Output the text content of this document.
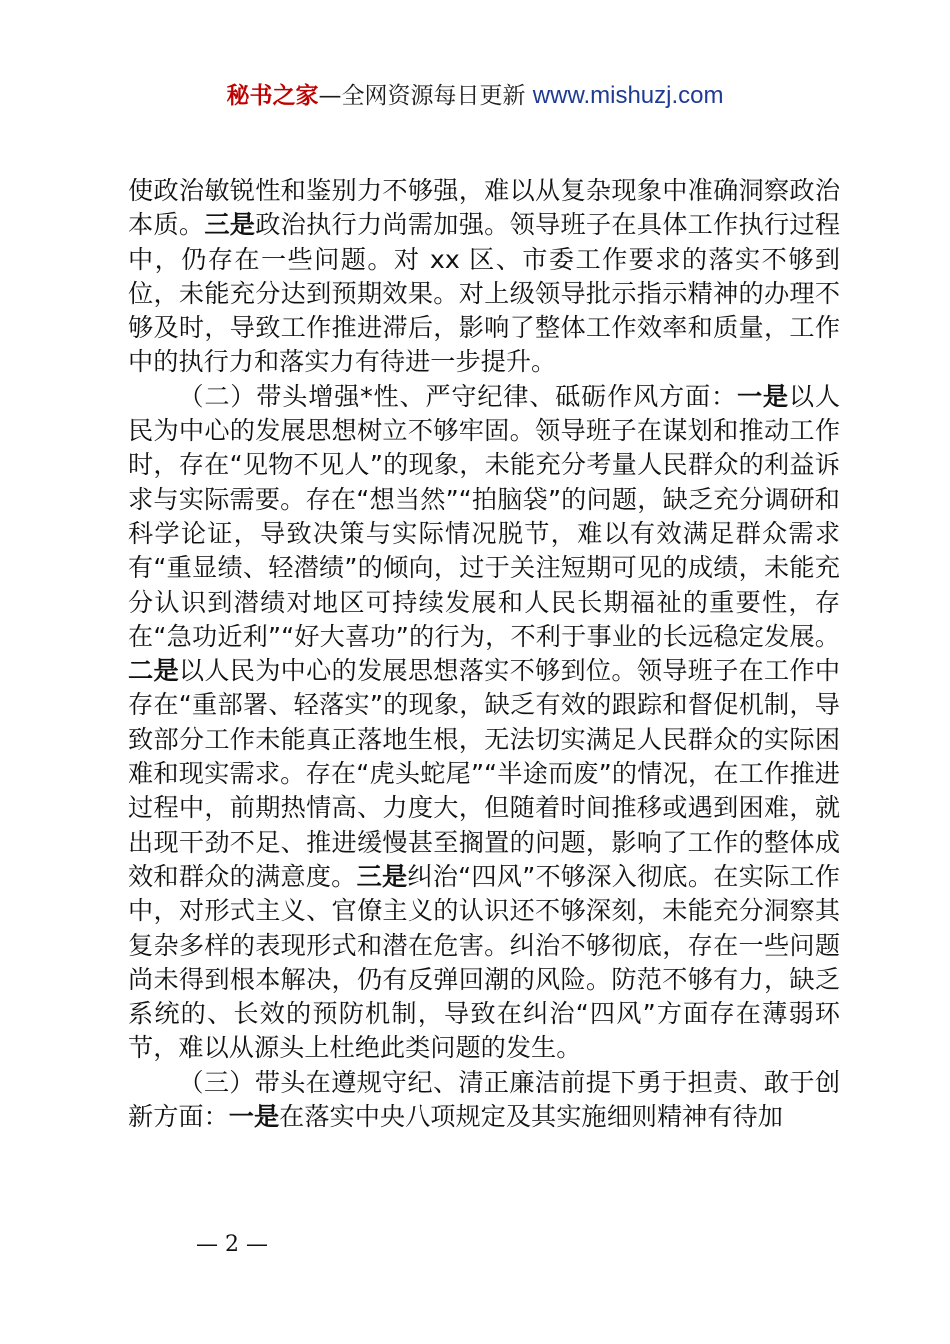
秘书之家—全网资源每日更新 www.mishuzj.com

使政治敏锐性和鉴别力不够强，难以从复杂现象中准确洞察政治本质。三是政治执行力尚需加强。领导班子在具体工作执行过程中，仍存在一些问题。对 xx 区、市委工作要求的落实不够到位，未能充分达到预期效果。对上级领导批示指示精神的办理不够及时，导致工作推进滞后，影响了整体工作效率和质量，工作中的执行力和落实力有待进一步提升。

（二）带头增强*性、严守纪律、砥砺作风方面：一是以人民为中心的发展思想树立不够牢固。领导班子在谋划和推动工作时，存在“见物不见人”的现象，未能充分考量人民群众的利益诉求与实际需要。存在“想当然”“拍脑袋”的问题，缺乏充分调研和科学论证，导致决策与实际情况脱节，难以有效满足群众需求有“重显绩、轻潜绩”的倾向，过于关注短期可见的成绩，未能充分认识到潜绩对地区可持续发展和人民长期福祉的重要性，存在“急功近利”“好大喜功”的行为，不利于事业的长远稳定发展。二是以人民为中心的发展思想落实不够到位。领导班子在工作中存在“重部署、轻落实”的现象，缺乏有效的跟踪和督促机制，导致部分工作未能真正落地生根，无法切实满足人民群众的实际困难和现实需求。存在“虎头蛇尾”“半途而废”的情况，在工作推进过程中，前期热情高、力度大，但随着时间推移或遇到困难，就出现干劲不足、推进缓慢甚至搁置的问题，影响了工作的整体成效和群众的满意度。三是纠治“四风”不够深入彻底。在实际工作中，对形式主义、官僚主义的认识还不够深刻，未能充分洞察其复杂多样的表现形式和潜在危害。纠治不够彻底，存在一些问题尚未得到根本解决，仍有反弹回潮的风险。防范不够有力，缺乏系统的、长效的预防机制，导致在纠治“四风”方面存在薄弱环节，难以从源头上杜绝此类问题的发生。

（三）带头在遵规守纪、清正廉洁前提下勇于担责、敢于创新方面：一是在落实中央八项规定及其实施细则精神有待加

— 2 —
